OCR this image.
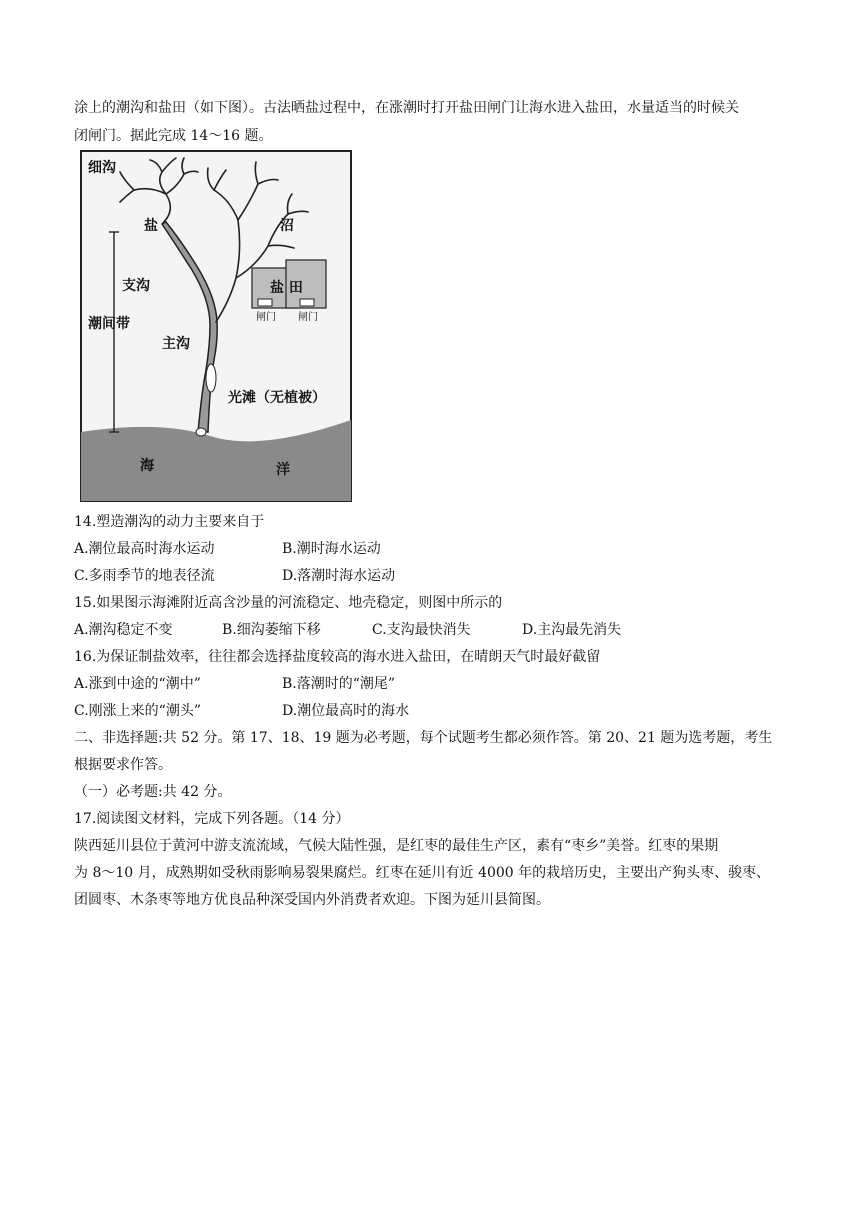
涂上的潮沟和盐田（如下图）。古法晒盐过程中，在涨潮时打开盐田闸门让海水进入盐田，水量适当的时候关
闭闸门。据此完成 14～16 题。
细沟
盐	沼
支沟
潮间带
主沟
盐 田
闸门 闸门
光滩（无植被）
海	洋
14.塑造潮沟的动力主要来自于
A.潮位最高时海水运动	B.潮时海水运动
C.多雨季节的地表径流	D.落潮时海水运动
15.如果图示海滩附近高含沙量的河流稳定、地壳稳定，则图中所示的
A.潮沟稳定不变	B.细沟萎缩下移	C.支沟最快消失	D.主沟最先消失
16.为保证制盐效率，往往都会选择盐度较高的海水进入盐田，在晴朗天气时最好截留
A.涨到中途的“潮中”	B.落潮时的“潮尾”
C.刚涨上来的“潮头”	D.潮位最高时的海水
二、非选择题:共 52 分。第 17、18、19 题为必考题，每个试题考生都必须作答。第 20、21 题为选考题，考生
根据要求作答。
（一）必考题:共 42 分。
17.阅读图文材料，完成下列各题。（14 分）
陕西延川县位于黄河中游支流流域，气候大陆性强，是红枣的最佳生产区，素有“枣乡”美誉。红枣的果期
为 8～10 月，成熟期如受秋雨影响易裂果腐烂。红枣在延川有近 4000 年的栽培历史，主要出产狗头枣、骏枣、
团圆枣、木条枣等地方优良品种深受国内外消费者欢迎。下图为延川县简图。
